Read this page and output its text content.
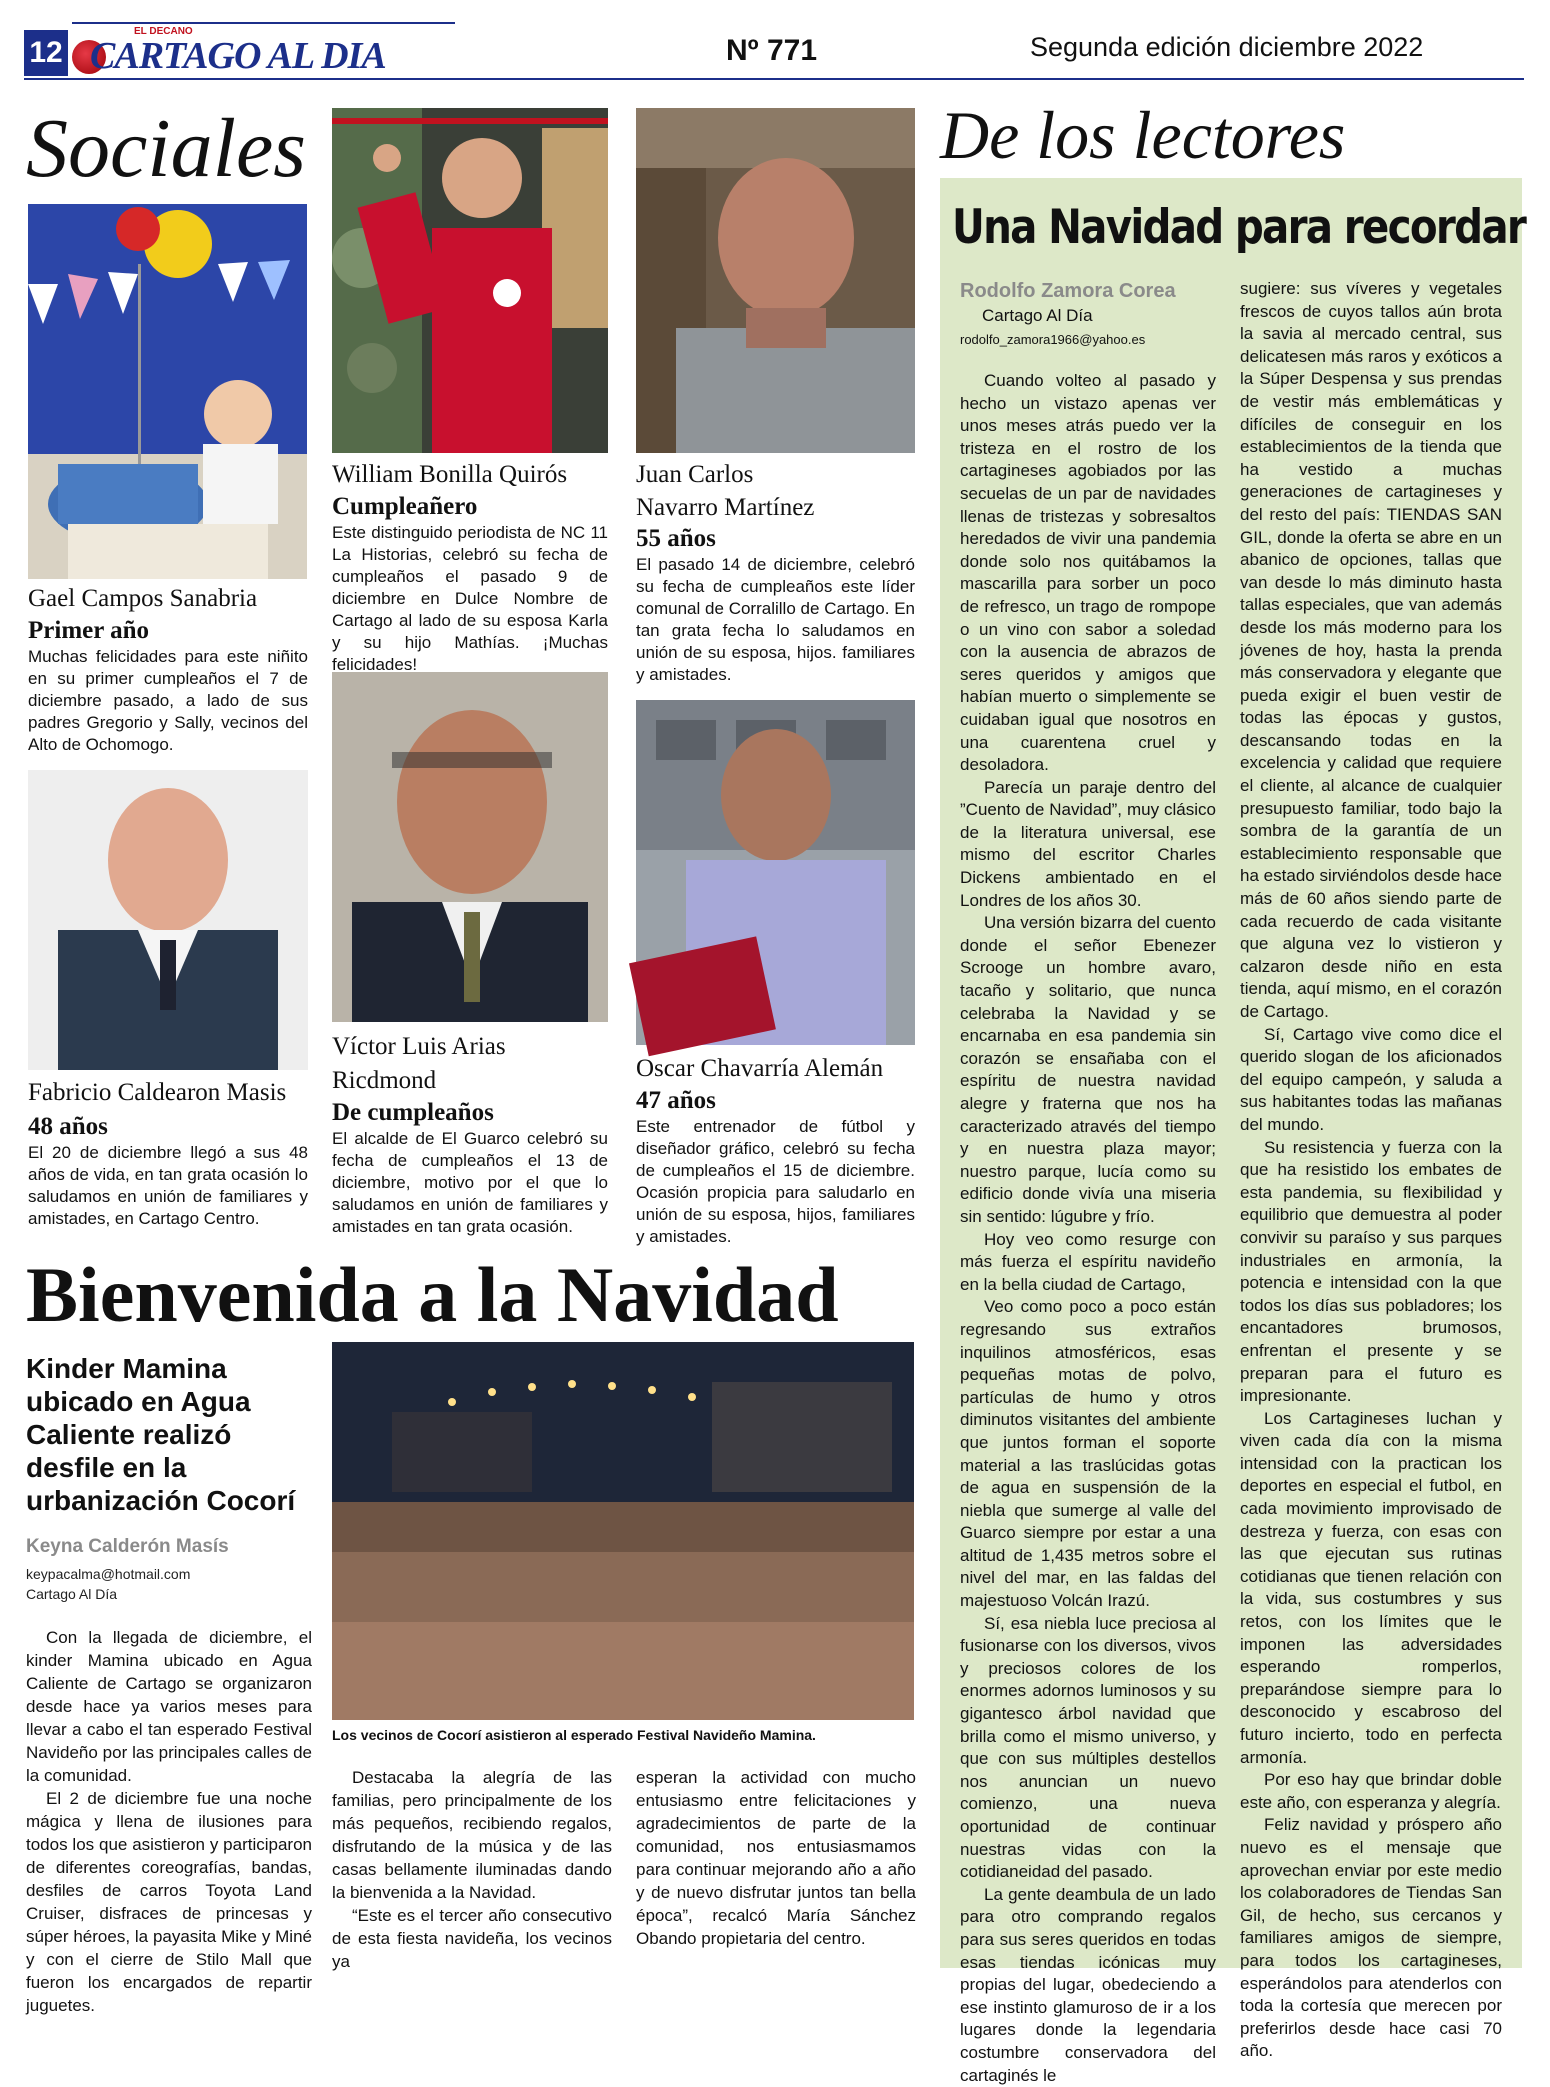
12
EL DECANO
CARTAGO AL DIA	Nº 771	Segunda edición diciembre 2022
Sociales
Gael Campos Sanabria
Primer año
Muchas felicidades para este niñito en su primer cumpleaños el 7 de diciembre pasado, a lado de sus padres Gregorio y Sally, vecinos del Alto de Ochomogo.
William Bonilla Quirós
Cumpleañero
Este distinguido periodista de NC 11 La Historias, celebró su fecha de cumpleaños el pasado 9 de diciembre en Dulce Nombre de Cartago al lado de su esposa Karla y su hijo Mathías. ¡Muchas felicidades!
Juan Carlos
Navarro Martínez
55 años
El pasado 14 de diciembre, celebró su fecha de cumpleaños este líder comunal de Corralillo de Cartago. En tan grata fecha lo saludamos en unión de su esposa, hijos. familiares y amistades.
Fabricio Caldearon Masis
48 años
El 20 de diciembre llegó a sus 48 años de vida, en tan grata ocasión lo saludamos en unión de familiares y amistades, en Cartago Centro.
Víctor Luis Arias
Ricdmond
De cumpleaños
El alcalde de El Guarco celebró su fecha de cumpleaños el 13 de diciembre, motivo por el que lo saludamos en unión de familiares y amistades en tan grata ocasión.
Oscar Chavarría Alemán
47 años
Este entrenador de fútbol y diseñador gráfico, celebró su fecha de cumpleaños el 15 de diciembre. Ocasión propicia para saludarlo en unión de su esposa, hijos, familiares y amistades.
Bienvenida a la Navidad
Kinder Mamina ubicado en Agua Caliente realizó desfile en la urbanización Cocorí
Keyna Calderón Masís
keypacalma@hotmail.com
Cartago Al Día

Con la llegada de diciembre, el kinder Mamina ubicado en Agua Caliente de Cartago se organizaron desde hace ya varios meses para llevar a cabo el tan esperado Festival Navideño por las principales calles de la comunidad.

El 2 de diciembre fue una noche mágica y llena de ilusiones para todos los que asistieron y participaron de diferentes coreografías, bandas, desfiles de carros Toyota Land Cruiser, disfraces de princesas y súper héroes, la payasita Mike y Miné y con el cierre de Stilo Mall que fueron los encargados de repartir juguetes.

Los vecinos de Cocorí asistieron al esperado Festival Navideño Mamina.

Destacaba la alegría de las familias, pero principalmente de los más pequeños, recibiendo regalos, disfrutando de la música y de las casas bellamente iluminadas dando la bienvenida a la Navidad.

“Este es el tercer año consecutivo de esta fiesta navideña, los vecinos ya

esperan la actividad con mucho entusiasmo entre felicitaciones y agradecimientos de parte de la comunidad, nos entusiasmamos para continuar mejorando año a año y de nuevo disfrutar juntos tan bella época”, recalcó María Sánchez Obando propietaria del centro.

De los lectores
Una Navidad para recordar
Rodolfo Zamora Corea
Cartago Al Día
rodolfo_zamora1966@yahoo.es

Cuando volteo al pasado y hecho un vistazo apenas ver unos meses atrás puedo ver la tristeza en el rostro de los cartagineses agobiados por las secuelas de un par de navidades llenas de tristezas y sobresaltos heredados de vivir una pandemia donde solo nos quitábamos la mascarilla para sorber un poco de refresco, un trago de rompope o un vino con sabor a soledad con la ausencia de abrazos de seres queridos y amigos que habían muerto o simplemente se cuidaban igual que nosotros en una cuarentena cruel y desoladora.

Parecía un paraje dentro del ”Cuento de Navidad”, muy clásico de la literatura universal, ese mismo del escritor Charles Dickens ambientado en el Londres de los años 30.

Una versión bizarra del cuento donde el señor Ebenezer Scrooge un hombre avaro, tacaño y solitario, que nunca celebraba la Navidad y se encarnaba en esa pandemia sin corazón se ensañaba con el espíritu de nuestra navidad alegre y fraterna que nos ha caracterizado através del tiempo y en nuestra plaza mayor; nuestro parque, lucía como su edificio donde vivía una miseria sin sentido: lúgubre y frío.

Hoy veo como resurge con más fuerza el espíritu navideño en la bella ciudad de Cartago,

Veo como poco a poco están regresando sus extraños inquilinos atmosféricos, esas pequeñas motas de polvo, partículas de humo y otros diminutos visitantes del ambiente que juntos forman el soporte material a las traslúcidas gotas de agua en suspensión de la niebla que sumerge al valle del Guarco siempre por estar a una altitud de 1,435 metros sobre el nivel del mar, en las faldas del majestuoso Volcán Irazú.

Sí, esa niebla luce preciosa al fusionarse con los diversos, vivos y preciosos colores de los enormes adornos luminosos y su gigantesco árbol navidad que brilla como el mismo universo, y que con sus múltiples destellos nos anuncian un nuevo comienzo, una nueva oportunidad de continuar nuestras vidas con la cotidianeidad del pasado.

La gente deambula de un lado para otro comprando regalos para sus seres queridos en todas esas tiendas icónicas muy propias del lugar, obedeciendo a ese instinto glamuroso de ir a los lugares donde la legendaria costumbre conservadora del cartaginés le

sugiere: sus víveres y vegetales frescos de cuyos tallos aún brota la savia al mercado central, sus delicatesen más raros y exóticos a la Súper Despensa y sus prendas de vestir más emblemáticas y difíciles de conseguir en los establecimientos de la tienda que ha vestido a muchas generaciones de cartagineses y del resto del país: TIENDAS SAN GIL, donde la oferta se abre en un abanico de opciones, tallas que van desde lo más diminuto hasta tallas especiales, que van además desde los más moderno para los jóvenes de hoy, hasta la prenda más conservadora y elegante que pueda exigir el buen vestir de todas las épocas y gustos, descansando todas en la excelencia y calidad que requiere el cliente, al alcance de cualquier presupuesto familiar, todo bajo la sombra de la garantía de un establecimiento responsable que ha estado sirviéndolos desde hace más de 60 años siendo parte de cada recuerdo de cada visitante que alguna vez lo vistieron y calzaron desde niño en esta tienda, aquí mismo, en el corazón de Cartago.

Sí, Cartago vive como dice el querido slogan de los aficionados del equipo campeón, y saluda a sus habitantes todas las mañanas del mundo.

Su resistencia y fuerza con la que ha resistido los embates de esta pandemia, su flexibilidad y equilibrio que demuestra al poder convivir su paraíso y sus parques industriales en armonía, la potencia e intensidad con la que todos los días sus pobladores; los encantadores brumosos, enfrentan el presente y se preparan para el futuro es impresionante.

Los Cartagineses luchan y viven cada día con la misma intensidad con la practican los deportes en especial el futbol, en cada movimiento improvisado de destreza y fuerza, con esas con las que ejecutan sus rutinas cotidianas que tienen relación con la vida, sus costumbres y sus retos, con los límites que le imponen las adversidades esperando romperlos, preparándose siempre para lo desconocido y escabroso del futuro incierto, todo en perfecta armonía.

Por eso hay que brindar doble este año, con esperanza y alegría.

Feliz navidad y próspero año nuevo es el mensaje que aprovechan enviar por este medio los colaboradores de Tiendas San Gil, de hecho, sus cercanos y familiares amigos de siempre, para todos los cartagineses, esperándolos para atenderlos con toda la cortesía que merecen por preferirlos desde hace casi 70 año.
